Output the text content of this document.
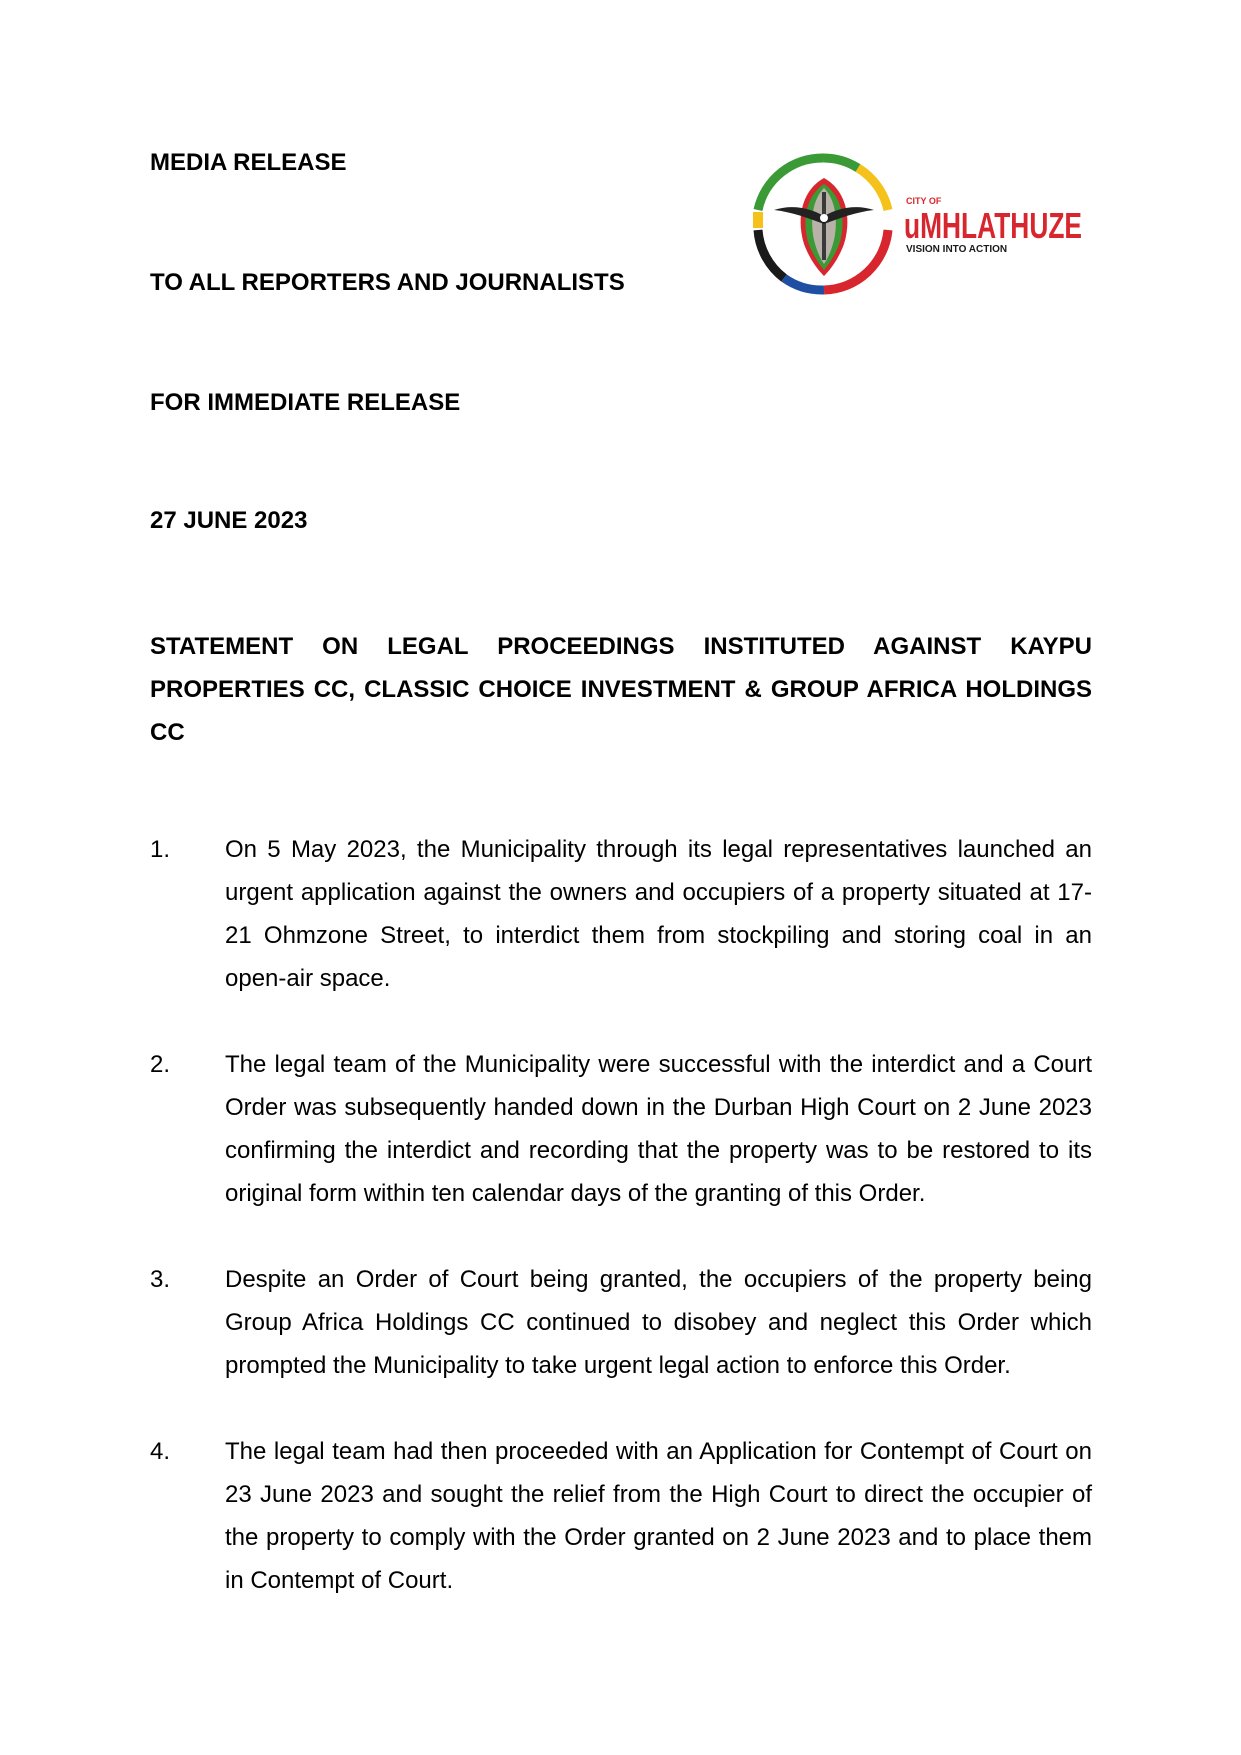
MEDIA RELEASE

TO ALL REPORTERS AND JOURNALISTS

FOR IMMEDIATE RELEASE

27 JUNE 2023

CITY OF
uMHLATHUZE
VISION INTO ACTION

STATEMENT ON LEGAL PROCEEDINGS INSTITUTED AGAINST KAYPU PROPERTIES CC, CLASSIC CHOICE INVESTMENT & GROUP AFRICA HOLDINGS CC

1. On 5 May 2023, the Municipality through its legal representatives launched an urgent application against the owners and occupiers of a property situated at 17-21 Ohmzone Street, to interdict them from stockpiling and storing coal in an open-air space.
2. The legal team of the Municipality were successful with the interdict and a Court Order was subsequently handed down in the Durban High Court on 2 June 2023 confirming the interdict and recording that the property was to be restored to its original form within ten calendar days of the granting of this Order.
3. Despite an Order of Court being granted, the occupiers of the property being Group Africa Holdings CC continued to disobey and neglect this Order which prompted the Municipality to take urgent legal action to enforce this Order.
4. The legal team had then proceeded with an Application for Contempt of Court on 23 June 2023 and sought the relief from the High Court to direct the occupier of the property to comply with the Order granted on 2 June 2023 and to place them in Contempt of Court.
